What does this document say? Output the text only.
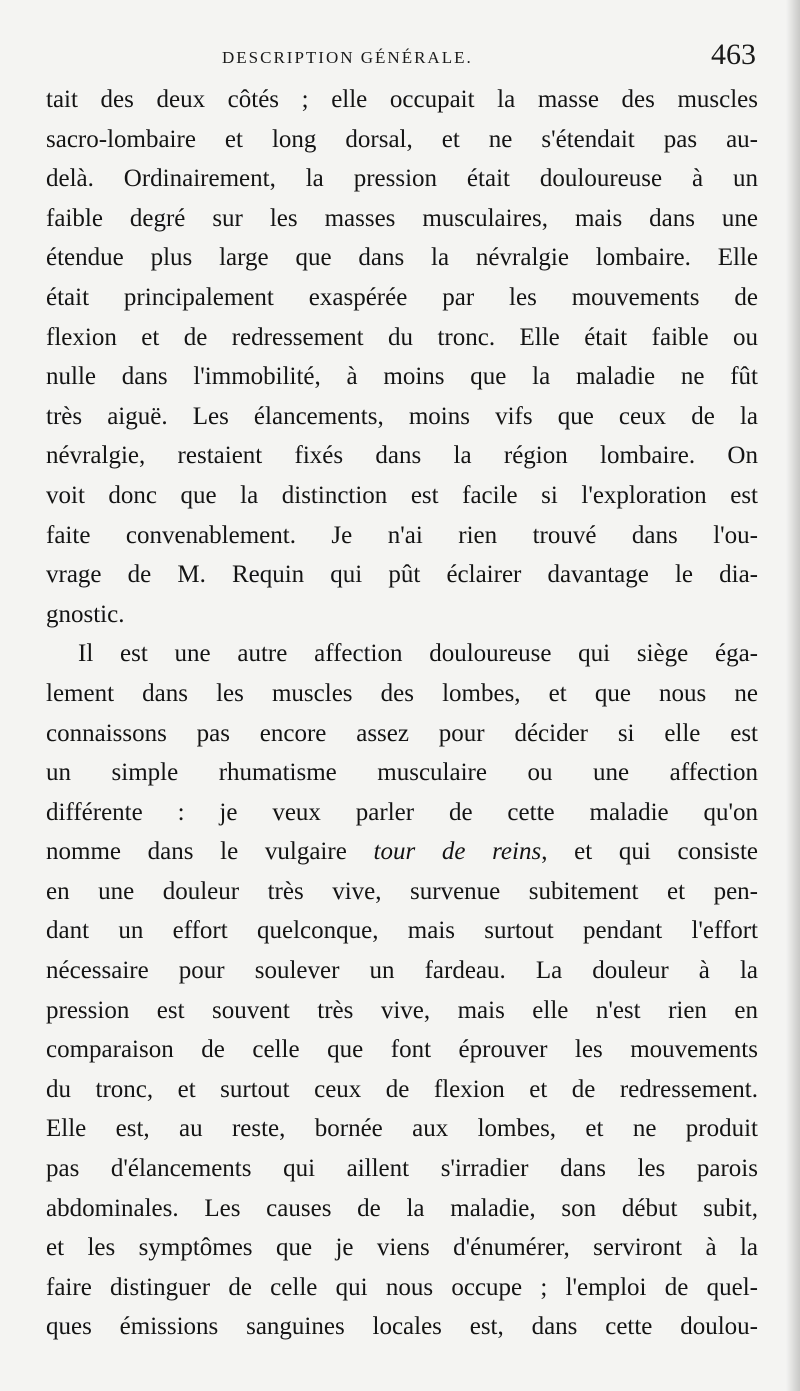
DESCRIPTION GÉNÉRALE.	463
tait des deux côtés ; elle occupait la masse des muscles
sacro-lombaire et long dorsal, et ne s'étendait pas au-
delà. Ordinairement, la pression était douloureuse à un
faible degré sur les masses musculaires, mais dans une
étendue plus large que dans la névralgie lombaire. Elle
était principalement exaspérée par les mouvements de
flexion et de redressement du tronc. Elle était faible ou
nulle dans l'immobilité, à moins que la maladie ne fût
très aiguë. Les élancements, moins vifs que ceux de la
névralgie, restaient fixés dans la région lombaire. On
voit donc que la distinction est facile si l'exploration est
faite convenablement. Je n'ai rien trouvé dans l'ou-
vrage de M. Requin qui pût éclairer davantage le dia-
gnostic.
Il est une autre affection douloureuse qui siège éga-
lement dans les muscles des lombes, et que nous ne
connaissons pas encore assez pour décider si elle est
un simple rhumatisme musculaire ou une affection
différente : je veux parler de cette maladie qu'on
nomme dans le vulgaire tour de reins, et qui consiste
en une douleur très vive, survenue subitement et pen-
dant un effort quelconque, mais surtout pendant l'effort
nécessaire pour soulever un fardeau. La douleur à la
pression est souvent très vive, mais elle n'est rien en
comparaison de celle que font éprouver les mouvements
du tronc, et surtout ceux de flexion et de redressement.
Elle est, au reste, bornée aux lombes, et ne produit
pas d'élancements qui aillent s'irradier dans les parois
abdominales. Les causes de la maladie, son début subit,
et les symptômes que je viens d'énumérer, serviront à la
faire distinguer de celle qui nous occupe ; l'emploi de quel-
ques émissions sanguines locales est, dans cette doulou-
